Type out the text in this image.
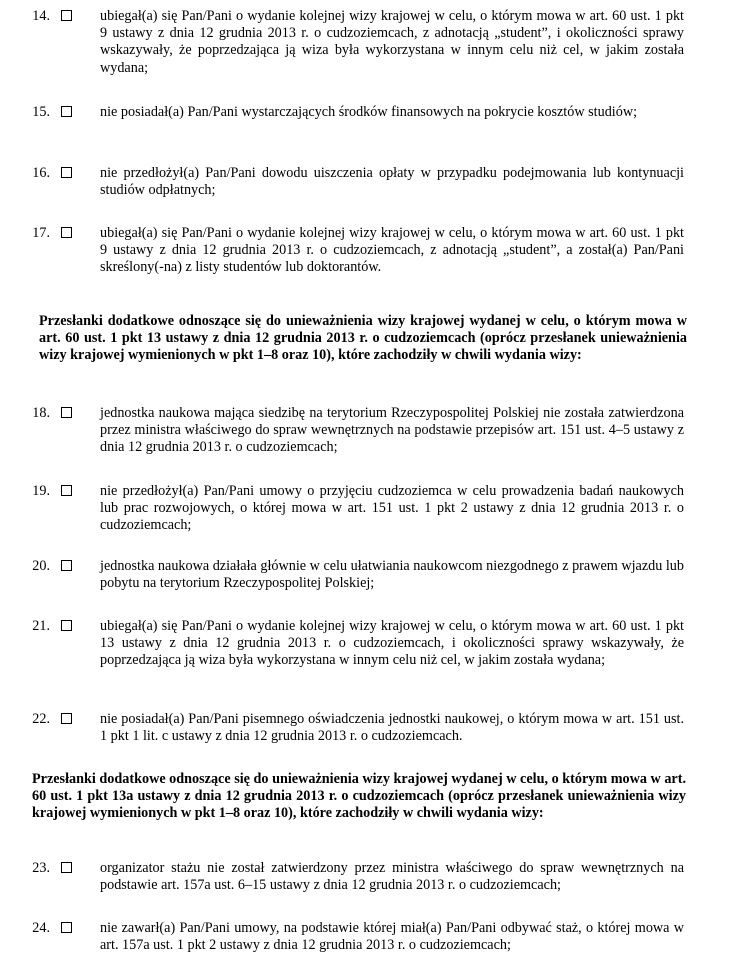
14.	ubiegał(a) się Pan/Pani o wydanie kolejnej wizy krajowej w celu, o którym mowa w art. 60 ust. 1 pkt 9 ustawy z dnia 12 grudnia 2013 r. o cudzoziemcach, z adnotacją „student”, i okoliczności sprawy wskazywały, że poprzedzająca ją wiza była wykorzystana w innym celu niż cel, w jakim została wydana;
15.	nie posiadał(a) Pan/Pani wystarczających środków finansowych na pokrycie kosztów studiów;
16.	nie przedłożył(a) Pan/Pani dowodu uiszczenia opłaty w przypadku podejmowania lub kontynuacji studiów odpłatnych;
17.	ubiegał(a) się Pan/Pani o wydanie kolejnej wizy krajowej w celu, o którym mowa w art. 60 ust. 1 pkt 9 ustawy z dnia 12 grudnia 2013 r. o cudzoziemcach, z adnotacją „student”, a został(a) Pan/Pani skreślony(-na) z listy studentów lub doktorantów.
Przesłanki dodatkowe odnoszące się do unieważnienia wizy krajowej wydanej w celu, o którym mowa w art. 60 ust. 1 pkt 13 ustawy z dnia 12 grudnia 2013 r. o cudzoziemcach (oprócz przesłanek unieważnienia wizy krajowej wymienionych w pkt 1–8 oraz 10), które zachodziły w chwili wydania wizy:
18.	jednostka naukowa mająca siedzibę na terytorium Rzeczypospolitej Polskiej nie została zatwierdzona przez ministra właściwego do spraw wewnętrznych na podstawie przepisów art. 151 ust. 4–5 ustawy z dnia 12 grudnia 2013 r. o cudzoziemcach;
19.	nie przedłożył(a) Pan/Pani umowy o przyjęciu cudzoziemca w celu prowadzenia badań naukowych lub prac rozwojowych, o której mowa w art. 151 ust. 1 pkt 2 ustawy z dnia 12 grudnia 2013 r. o cudzoziemcach;
20.	jednostka naukowa działała głównie w celu ułatwiania naukowcom niezgodnego z prawem wjazdu lub pobytu na terytorium Rzeczypospolitej Polskiej;
21.	ubiegał(a) się Pan/Pani o wydanie kolejnej wizy krajowej w celu, o którym mowa w art. 60 ust. 1 pkt 13 ustawy z dnia 12 grudnia 2013 r. o cudzoziemcach, i okoliczności sprawy wskazywały, że poprzedzająca ją wiza była wykorzystana w innym celu niż cel, w jakim została wydana;
22.	nie posiadał(a) Pan/Pani pisemnego oświadczenia jednostki naukowej, o którym mowa w art. 151 ust. 1 pkt 1 lit. c ustawy z dnia 12 grudnia 2013 r. o cudzoziemcach.
Przesłanki dodatkowe odnoszące się do unieważnienia wizy krajowej wydanej w celu, o którym mowa w art. 60 ust. 1 pkt 13a ustawy z dnia 12 grudnia 2013 r. o cudzoziemcach (oprócz przesłanek unieważnienia wizy krajowej wymienionych w pkt 1–8 oraz 10), które zachodziły w chwili wydania wizy:
23.	organizator stażu nie został zatwierdzony przez ministra właściwego do spraw wewnętrznych na podstawie art. 157a ust. 6–15 ustawy z dnia 12 grudnia 2013 r. o cudzoziemcach;
24.	nie zawarł(a) Pan/Pani umowy, na podstawie której miał(a) Pan/Pani odbywać staż, o której mowa w art. 157a ust. 1 pkt 2 ustawy z dnia 12 grudnia 2013 r. o cudzoziemcach;
